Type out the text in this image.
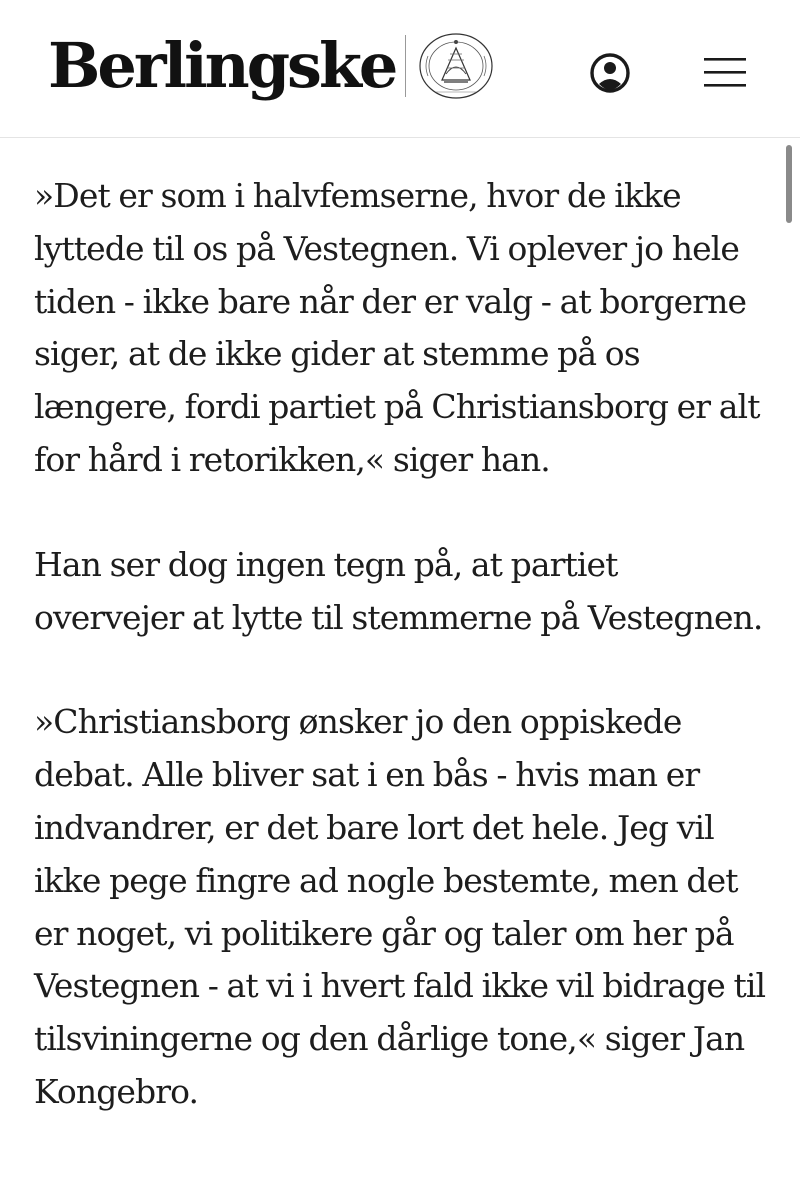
Berlingske

»Det er som i halvfemserne, hvor de ikke lyttede til os på Vestegnen. Vi oplever jo hele tiden - ikke bare når der er valg - at borgerne siger, at de ikke gider at stemme på os længere, fordi partiet på Christiansborg er alt for hård i retorikken,« siger han.

Han ser dog ingen tegn på, at partiet overvejer at lytte til stemmerne på Vestegnen.

»Christiansborg ønsker jo den oppiskede debat. Alle bliver sat i en bås - hvis man er indvandrer, er det bare lort det hele. Jeg vil ikke pege fingre ad nogle bestemte, men det er noget, vi politikere går og taler om her på Vestegnen - at vi i hvert fald ikke vil bidrage til tilsviningerne og den dårlige tone,« siger Jan Kongebro.
